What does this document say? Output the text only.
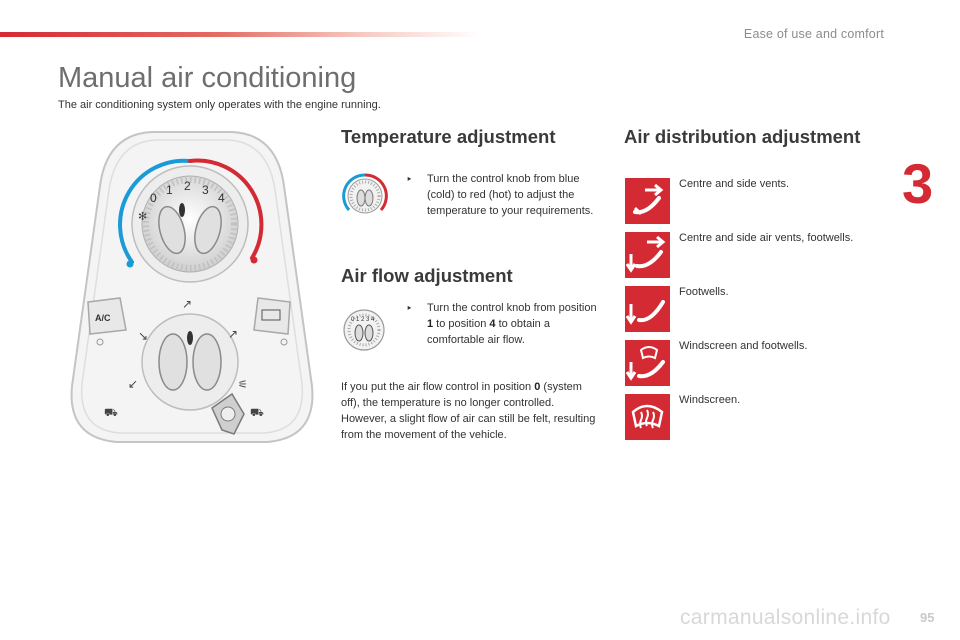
Ease of use and comfort
3
Manual air conditioning
The air conditioning system only operates with the engine running.
0
1 2 3
4
✻
A/C
↘
↗
↗
↙	⚟
⛟	⛟
Temperature adjustment
‣ Turn the control knob from blue (cold) to red (hot) to adjust the temperature to your requirements.
Air flow adjustment
0 1 2 3 4
‣ Turn the control knob from position 1 to position 4 to obtain a comfortable air flow.
If you put the air flow control in position 0 (system off), the temperature is no longer controlled. However, a slight flow of air can still be felt, resulting from the movement of the vehicle.
Air distribution adjustment
Centre and side vents.
Centre and side air vents, footwells.
Footwells.
Windscreen and footwells.
Windscreen.
carmanualsonline.info 95
